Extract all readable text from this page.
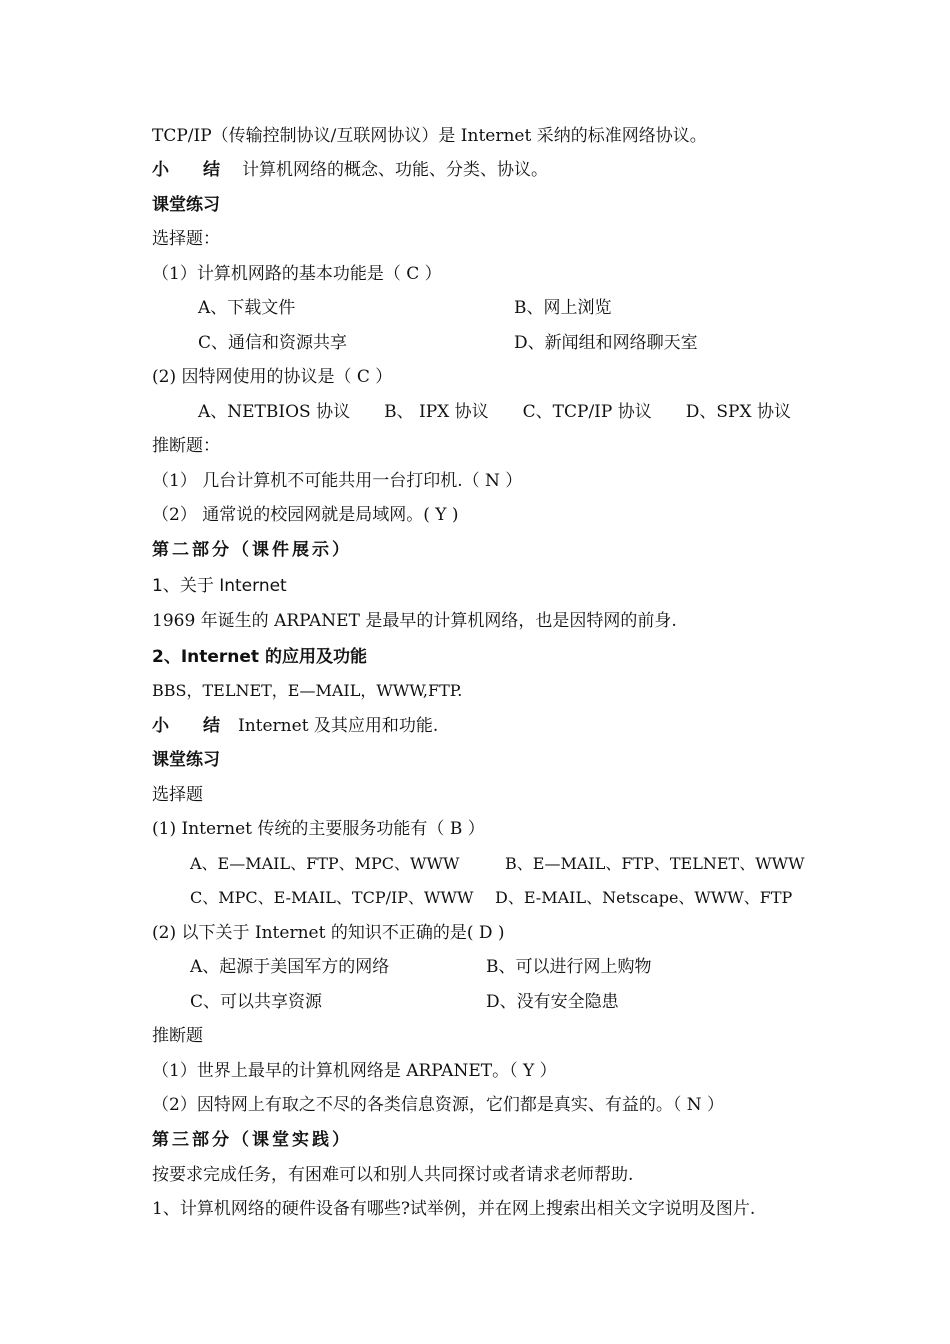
TCP/IP（传输控制协议/互联网协议）是 Internet 采纳的标准网络协议。
小　　结 计算机网络的概念、功能、分类、协议。
课堂练习
选择题：
（1）计算机网路的基本功能是（ C ）
A、下载文件	B、网上浏览
C、通信和资源共享	D、新闻组和网络聊天室
(2) 因特网使用的协议是（ C ）
A、NETBIOS 协议　　B、 IPX 协议　　C、TCP/IP 协议　　D、SPX 协议
推断题：
（1） 几台计算机不可能共用一台打印机.（ N ）
（2） 通常说的校园网就是局域网。( Y )
第二部分（课件展示）
1、关于 Internet
1969 年诞生的 ARPANET 是最早的计算机网络，也是因特网的前身.
2、Internet 的应用及功能
BBS，TELNET，E—MAIL，WWW,FTP.
小　　结 Internet 及其应用和功能.
课堂练习
选择题
(1) Internet 传统的主要服务功能有（ B ）
A、E—MAIL、FTP、MPC、WWW	B、E—MAIL、FTP、TELNET、WWW
C、MPC、E-MAIL、TCP/IP、WWW D、E-MAIL、Netscape、WWW、FTP
(2) 以下关于 Internet 的知识不正确的是( D )
A、起源于美国军方的网络	B、可以进行网上购物
C、可以共享资源	D、没有安全隐患
推断题
（1）世界上最早的计算机网络是 ARPANET。（ Y ）
（2）因特网上有取之不尽的各类信息资源，它们都是真实、有益的。（ N ）
第三部分（课堂实践）
按要求完成任务，有困难可以和别人共同探讨或者请求老师帮助.
1、计算机网络的硬件设备有哪些?试举例，并在网上搜索出相关文字说明及图片.
